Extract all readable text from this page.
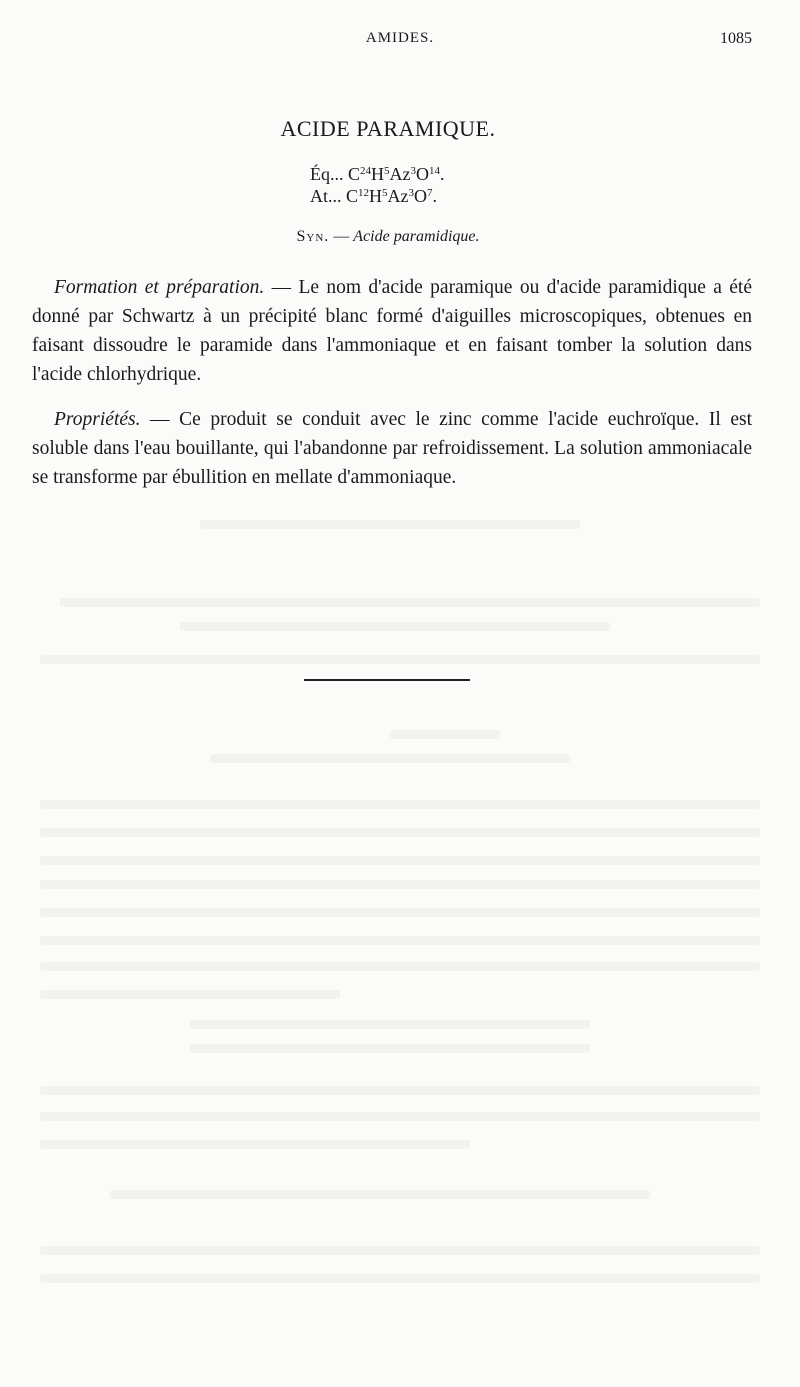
AMIDES.	1085
ACIDE PARAMIQUE.
Éq... $C^{24}H^5Az^3O^{14}$.
At... $C^{12}H^5Az^3O^7$.
Syn. — Acide paramidique.

Formation et préparation. — Le nom d'acide paramique ou d'acide paramidique a été donné par Schwartz à un précipité blanc formé d'aiguilles microscopiques, obtenues en faisant dissoudre le paramide dans l'ammoniaque et en faisant tomber la solution dans l'acide chlorhydrique.

Propriétés. — Ce produit se conduit avec le zinc comme l'acide euchroïque. Il est soluble dans l'eau bouillante, qui l'abandonne par refroidissement. La solution ammoniacale se transforme par ébullition en mellate d'ammoniaque.
